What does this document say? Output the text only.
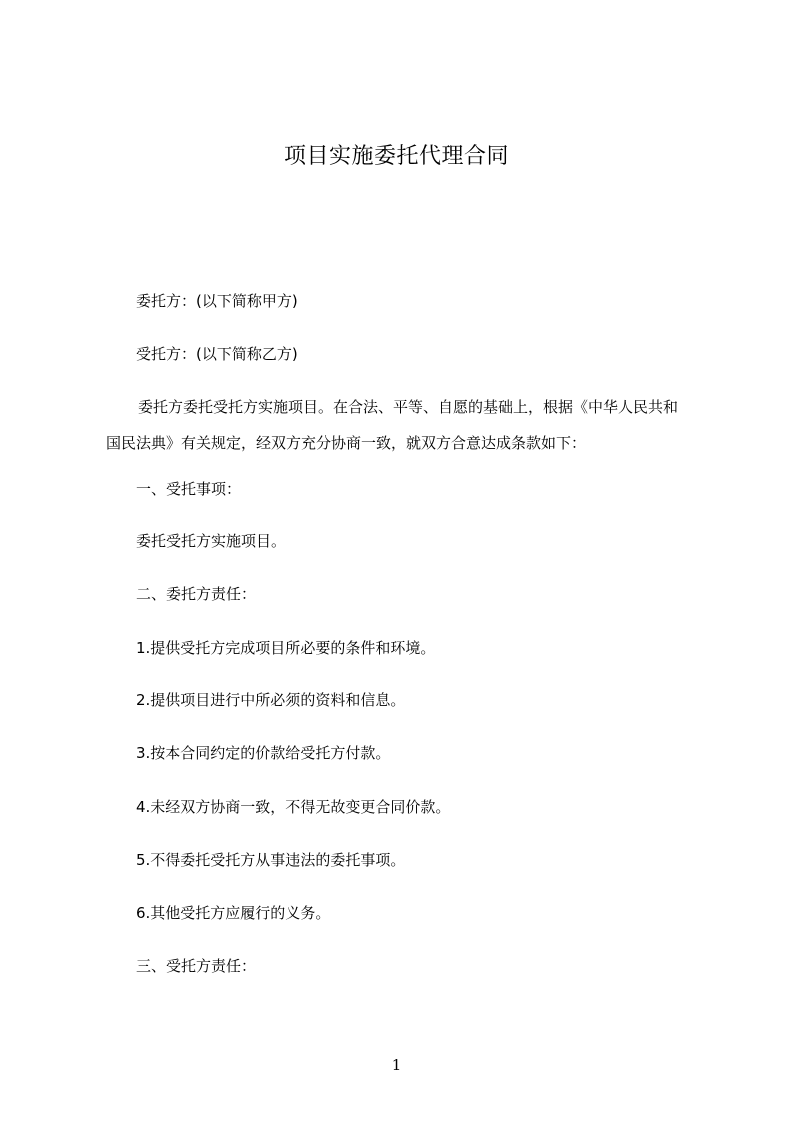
项目实施委托代理合同
委托方：(以下简称甲方)
受托方：(以下简称乙方)
委托方委托受托方实施项目。在合法、平等、自愿的基础上，根据《中华人民共和国民法典》有关规定，经双方充分协商一致，就双方合意达成条款如下：
一、受托事项：
委托受托方实施项目。
二、委托方责任：
1.提供受托方完成项目所必要的条件和环境。
2.提供项目进行中所必须的资料和信息。
3.按本合同约定的价款给受托方付款。
4.未经双方协商一致，不得无故变更合同价款。
5.不得委托受托方从事违法的委托事项。
6.其他受托方应履行的义务。
三、受托方责任：
1
